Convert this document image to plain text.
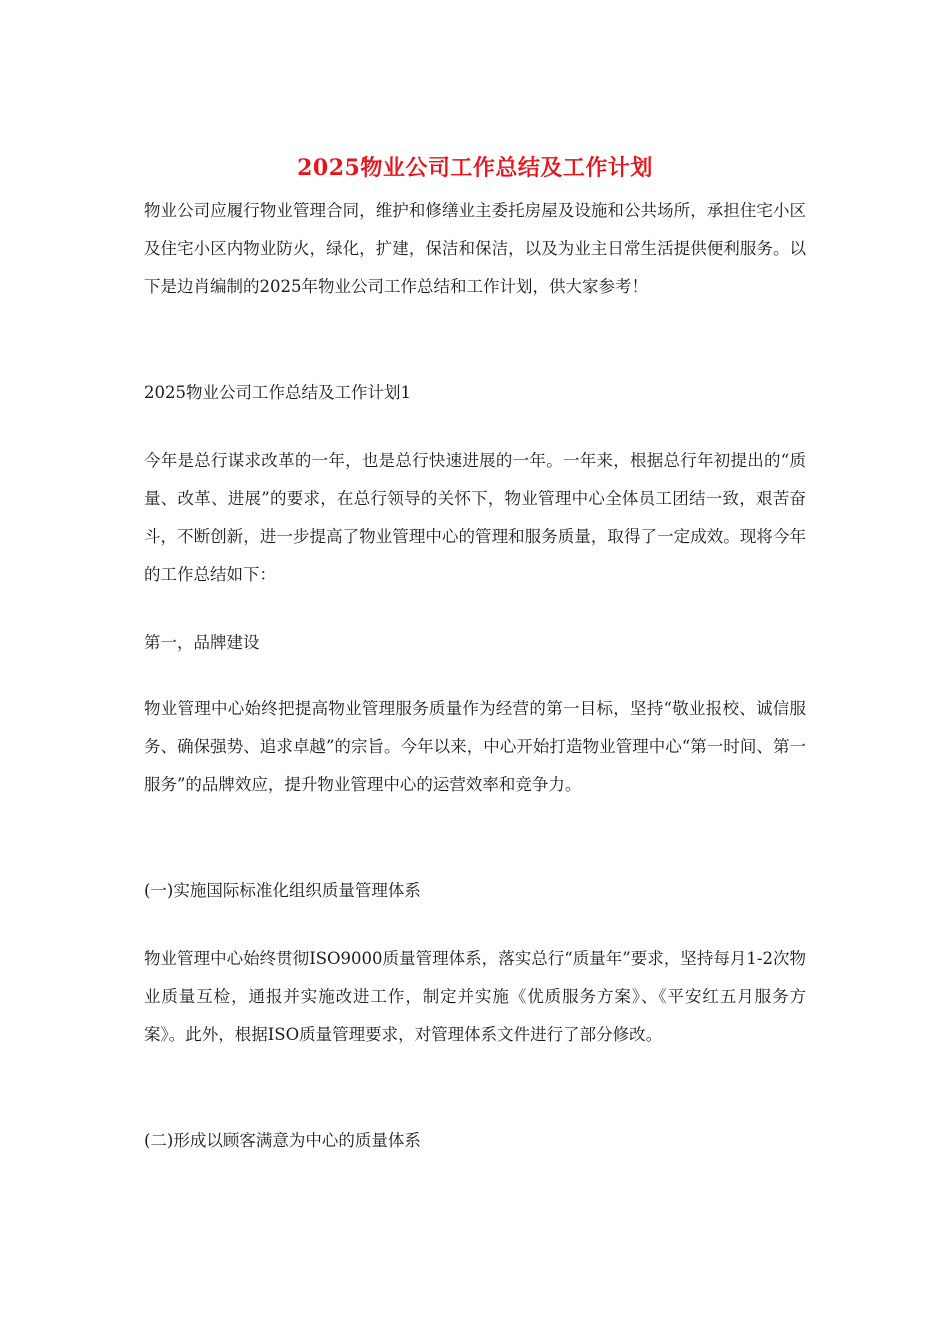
2025物业公司工作总结及工作计划

物业公司应履行物业管理合同，维护和修缮业主委托房屋及设施和公共场所，承担住宅小区及住宅小区内物业防火，绿化，扩建，保洁和保洁，以及为业主日常生活提供便利服务。以下是边肖编制的2025年物业公司工作总结和工作计划，供大家参考！

2025物业公司工作总结及工作计划1

今年是总行谋求改革的一年，也是总行快速进展的一年。一年来，根据总行年初提出的“质量、改革、进展”的要求，在总行领导的关怀下，物业管理中心全体员工团结一致，艰苦奋斗，不断创新，进一步提高了物业管理中心的管理和服务质量，取得了一定成效。现将今年的工作总结如下：

第一，品牌建设

物业管理中心始终把提高物业管理服务质量作为经营的第一目标，坚持“敬业报校、诚信服务、确保强势、追求卓越”的宗旨。今年以来，中心开始打造物业管理中心“第一时间、第一服务”的品牌效应，提升物业管理中心的运营效率和竞争力。

(一)实施国际标准化组织质量管理体系

物业管理中心始终贯彻ISO9000质量管理体系，落实总行“质量年”要求，坚持每月1-2次物业质量互检，通报并实施改进工作，制定并实施《优质服务方案》、《平安红五月服务方案》。此外，根据ISO质量管理要求，对管理体系文件进行了部分修改。

(二)形成以顾客满意为中心的质量体系
